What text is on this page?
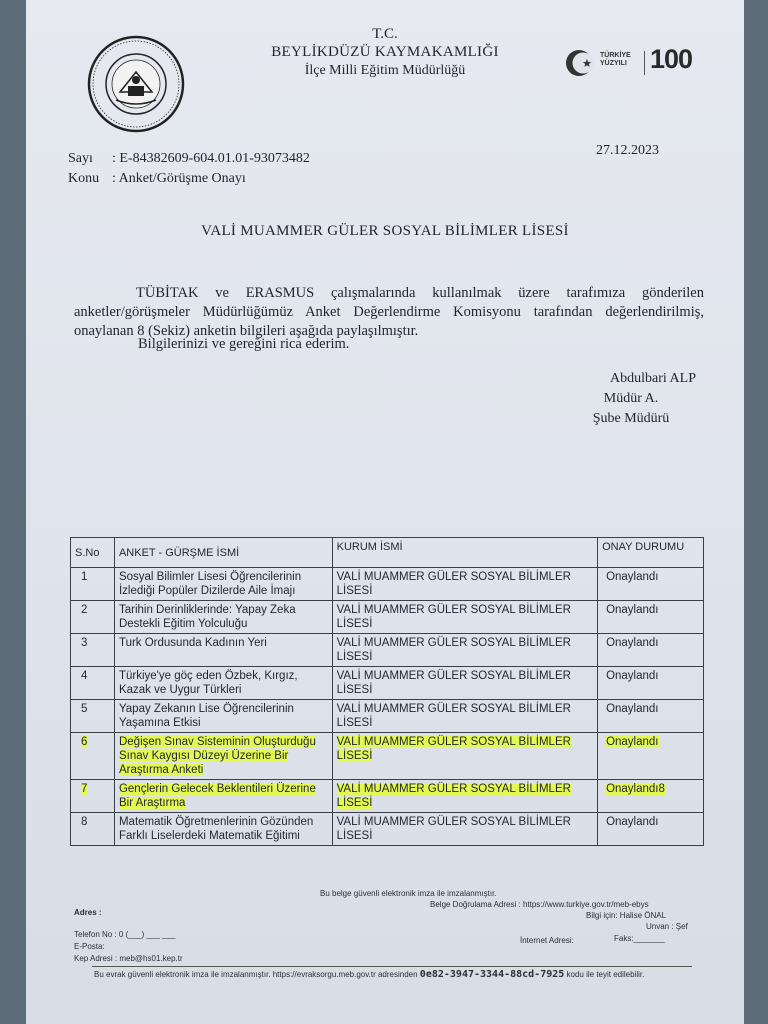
T.C.
BEYLİKDÜZÜ KAYMAKAMLIĞI
İlçe Milli Eğitim Müdürlüğü
TÜRKİYE YÜZYILI 100
27.12.2023
Sayı : E-84382609-604.01.01-93073482
Konu : Anket/Görüşme Onayı
VALİ MUAMMER GÜLER SOSYAL BİLİMLER LİSESİ
TÜBİTAK ve ERASMUS çalışmalarında kullanılmak üzere tarafımıza gönderilen anketler/görüşmeler Müdürlüğümüz Anket Değerlendirme Komisyonu tarafından değerlendirilmiş, onaylanan 8 (Sekiz) anketin bilgileri aşağıda paylaşılmıştır.
Bilgilerinizi ve gereğini rica ederim.
Abdulbari ALP
Müdür A.
Şube Müdürü
S.No	ANKET - GÜRŞME İSMİ	KURUM İSMİ	ONAY DURUMU
1	Sosyal Bilimler Lisesi Öğrencilerinin İzlediği Popüler Dizilerde Aile İmajı	VALİ MUAMMER GÜLER SOSYAL BİLİMLER LİSESİ	Onaylandı
2	Tarihin Derinliklerinde: Yapay Zeka Destekli Eğitim Yolculuğu	VALİ MUAMMER GÜLER SOSYAL BİLİMLER LİSESİ	Onaylandı
3	Turk Ordusunda Kadının Yeri	VALİ MUAMMER GÜLER SOSYAL BİLİMLER LİSESİ	Onaylandı
4	Türkiye'ye göç eden Özbek, Kırgız, Kazak ve Uygur Türkleri	VALİ MUAMMER GÜLER SOSYAL BİLİMLER LİSESİ	Onaylandı
5	Yapay Zekanın Lise Öğrencilerinin Yaşamına Etkisi	VALİ MUAMMER GÜLER SOSYAL BİLİMLER LİSESİ	Onaylandı
6	Değişen Sınav Sisteminin Oluşturduğu Sınav Kaygısı Düzeyi Üzerine Bir Araştırma Anketi	VALİ MUAMMER GÜLER SOSYAL BİLİMLER LİSESİ	Onaylandı
7	Gençlerin Gelecek Beklentileri Üzerine Bir Araştırma	VALİ MUAMMER GÜLER SOSYAL BİLİMLER LİSESİ	Onaylandı8
8	Matematik Öğretmenlerinin Gözünden Farklı Liselerdeki Matematik Eğitimi	VALİ MUAMMER GÜLER SOSYAL BİLİMLER LİSESİ	Onaylandı
Bu belge güvenli elektronik imza ile imzalanmıştır.
Belge Doğrulama Adresi : https://www.turkiye.gov.tr/meb-ebys
Adres :	Bilgi için: Halise ÖNAL
Unvan : Şef
Telefon No : 0 (___) ___ ___
İnternet Adresi:	Faks:_______
E-Posta:
Kep Adresi : meb@hs01.kep.tr
Bu evrak güvenli elektronik imza ile imzalanmıştır. https://evraksorgu.meb.gov.tr adresinden 0e82-3947-3344-88cd-7925 kodu ile teyit edilebilir.
